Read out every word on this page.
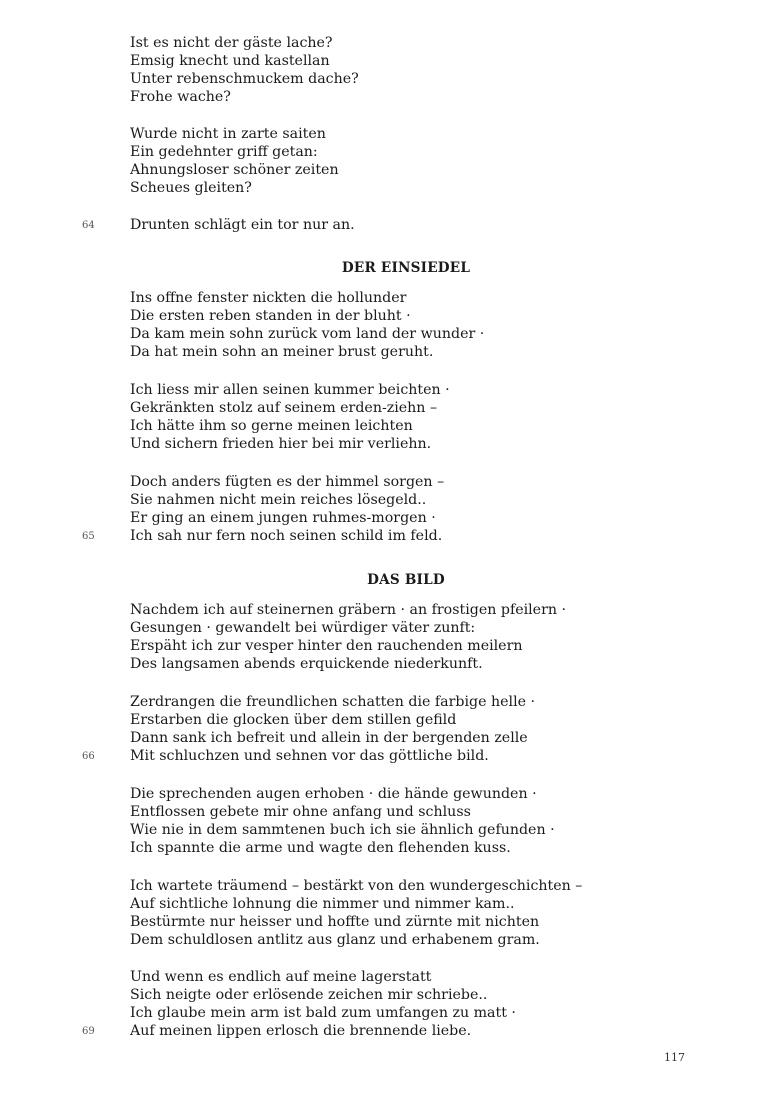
Ist es nicht der gäste lache?
Emsig knecht und kastellan
Unter rebenschmuckem dache?
Frohe wache?
Wurde nicht in zarte saiten
Ein gedehnter griff getan:
Ahnungsloser schöner zeiten
Scheues gleiten?
64 Drunten schlägt ein tor nur an.
DER EINSIEDEL
Ins offne fenster nickten die hollunder
Die ersten reben standen in der bluht ·
Da kam mein sohn zurück vom land der wunder ·
Da hat mein sohn an meiner brust geruht.
Ich liess mir allen seinen kummer beichten ·
Gekränkten stolz auf seinem erden-ziehn –
Ich hätte ihm so gerne meinen leichten
Und sichern frieden hier bei mir verliehn.
Doch anders fügten es der himmel sorgen –
Sie nahmen nicht mein reiches lösegeld..
Er ging an einem jungen ruhmes-morgen ·
65 Ich sah nur fern noch seinen schild im feld.
DAS BILD
Nachdem ich auf steinernen gräbern · an frostigen pfeilern ·
Gesungen · gewandelt bei würdiger väter zunft:
Erspäht ich zur vesper hinter den rauchenden meilern
Des langsamen abends erquickende niederkunft.
Zerdrangen die freundlichen schatten die farbige helle ·
Erstarben die glocken über dem stillen gefild
Dann sank ich befreit und allein in der bergenden zelle
66 Mit schluchzen und sehnen vor das göttliche bild.
Die sprechenden augen erhoben · die hände gewunden ·
Entflossen gebete mir ohne anfang und schluss
Wie nie in dem sammtenen buch ich sie ähnlich gefunden ·
Ich spannte die arme und wagte den flehenden kuss.
Ich wartete träumend – bestärkt von den wundergeschichten –
Auf sichtliche lohnung die nimmer und nimmer kam..
Bestürmte nur heisser und hoffte und zürnte mit nichten
Dem schuldlosen antlitz aus glanz und erhabenem gram.
Und wenn es endlich auf meine lagerstatt
Sich neigte oder erlösende zeichen mir schriebe..
Ich glaube mein arm ist bald zum umfangen zu matt ·
69 Auf meinen lippen erlosch die brennende liebe.
117
